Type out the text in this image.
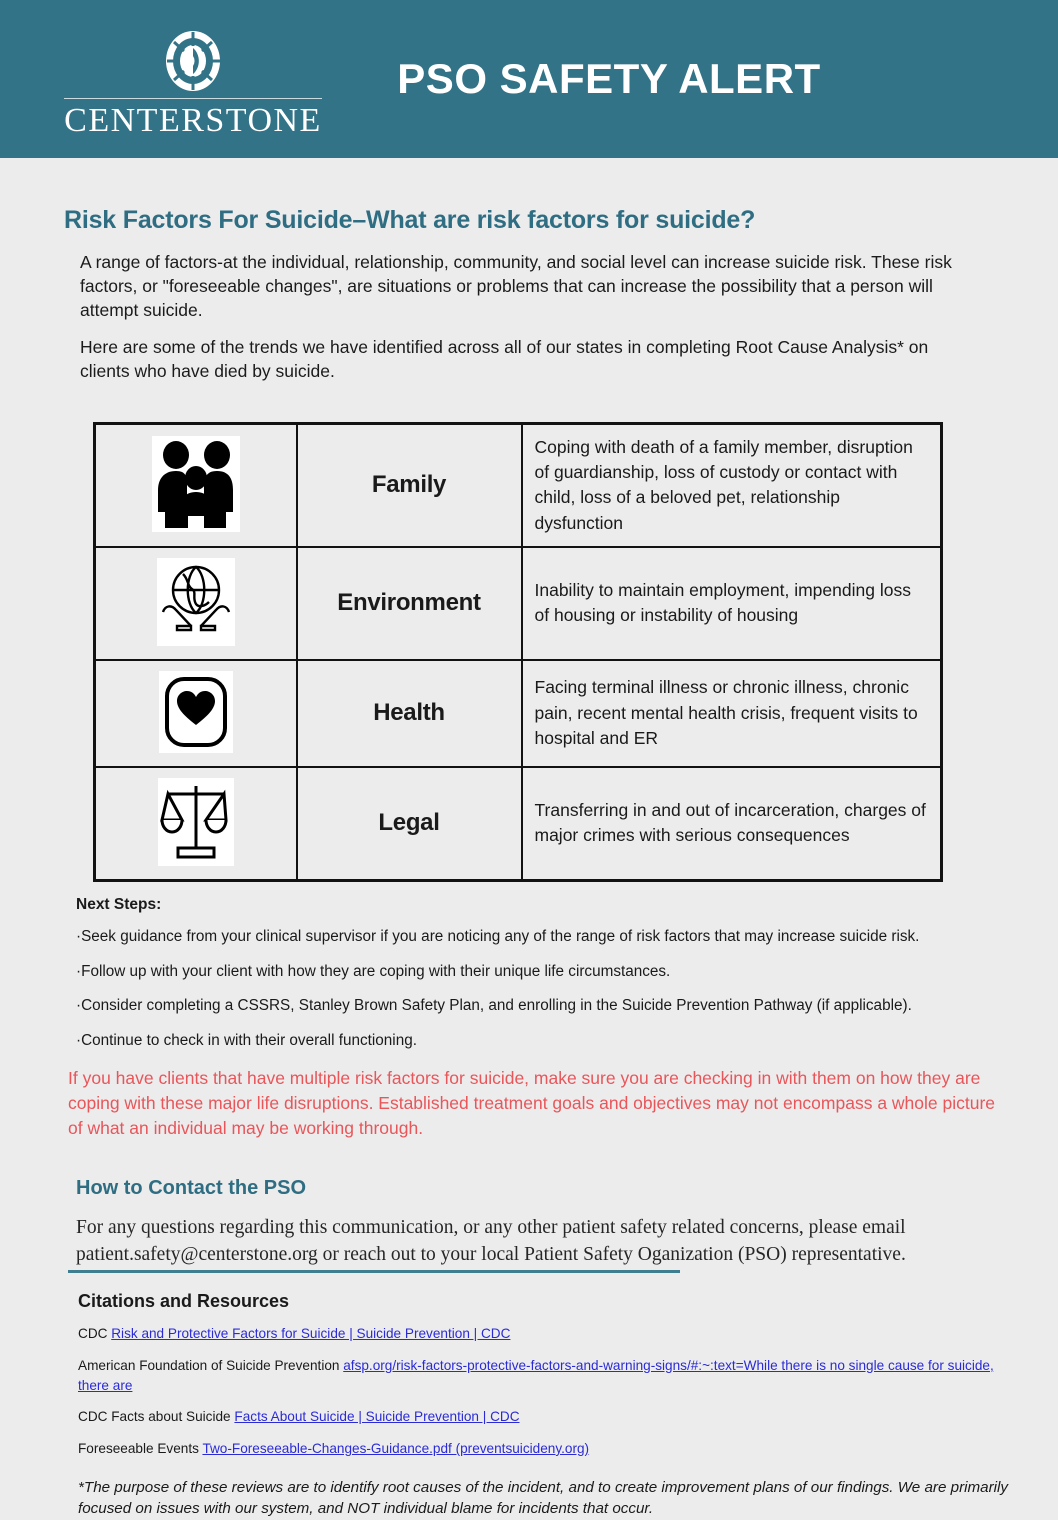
CENTERSTONE
PSO SAFETY ALERT
Risk Factors For Suicide–What are risk factors for suicide?

A range of factors-at the individual, relationship, community, and social level can increase suicide risk. These risk factors, or "foreseeable changes", are situations or problems that can increase the possibility that a person will attempt suicide.

Here are some of the trends we have identified across all of our states in completing Root Cause Analysis* on clients who have died by suicide.

	Family	Coping with death of a family member, disruption of guardianship, loss of custody or contact with child, loss of a beloved pet, relationship dysfunction
	Environment	Inability to maintain employment, impending loss of housing or instability of housing
	Health	Facing terminal illness or chronic illness, chronic pain, recent mental health crisis, frequent visits to hospital and ER
	Legal	Transferring in and out of incarceration, charges of major crimes with serious consequences
Next Steps:
·Seek guidance from your clinical supervisor if you are noticing any of the range of risk factors that may increase suicide risk.
·Follow up with your client with how they are coping with their unique life circumstances.
·Consider completing a CSSRS, Stanley Brown Safety Plan, and enrolling in the Suicide Prevention Pathway (if applicable).
·Continue to check in with their overall functioning.
If you have clients that have multiple risk factors for suicide, make sure you are checking in with them on how they are coping with these major life disruptions. Established treatment goals and objectives may not encompass a whole picture of what an individual may be working through.
How to Contact the PSO
For any questions regarding this communication, or any other patient safety related concerns, please email patient.safety@centerstone.org or reach out to your local Patient Safety Oganization (PSO) representative.
Citations and Resources
CDC Risk and Protective Factors for Suicide | Suicide Prevention | CDC
American Foundation of Suicide Prevention afsp.org/risk-factors-protective-factors-and-warning-signs/#:~:text=While there is no single cause for suicide, there are
CDC Facts about Suicide Facts About Suicide | Suicide Prevention | CDC
Foreseeable Events Two-Foreseeable-Changes-Guidance.pdf (preventsuicideny.org)
*The purpose of these reviews are to identify root causes of the incident, and to create improvement plans of our findings. We are primarily focused on issues with our system, and NOT individual blame for incidents that occur.
